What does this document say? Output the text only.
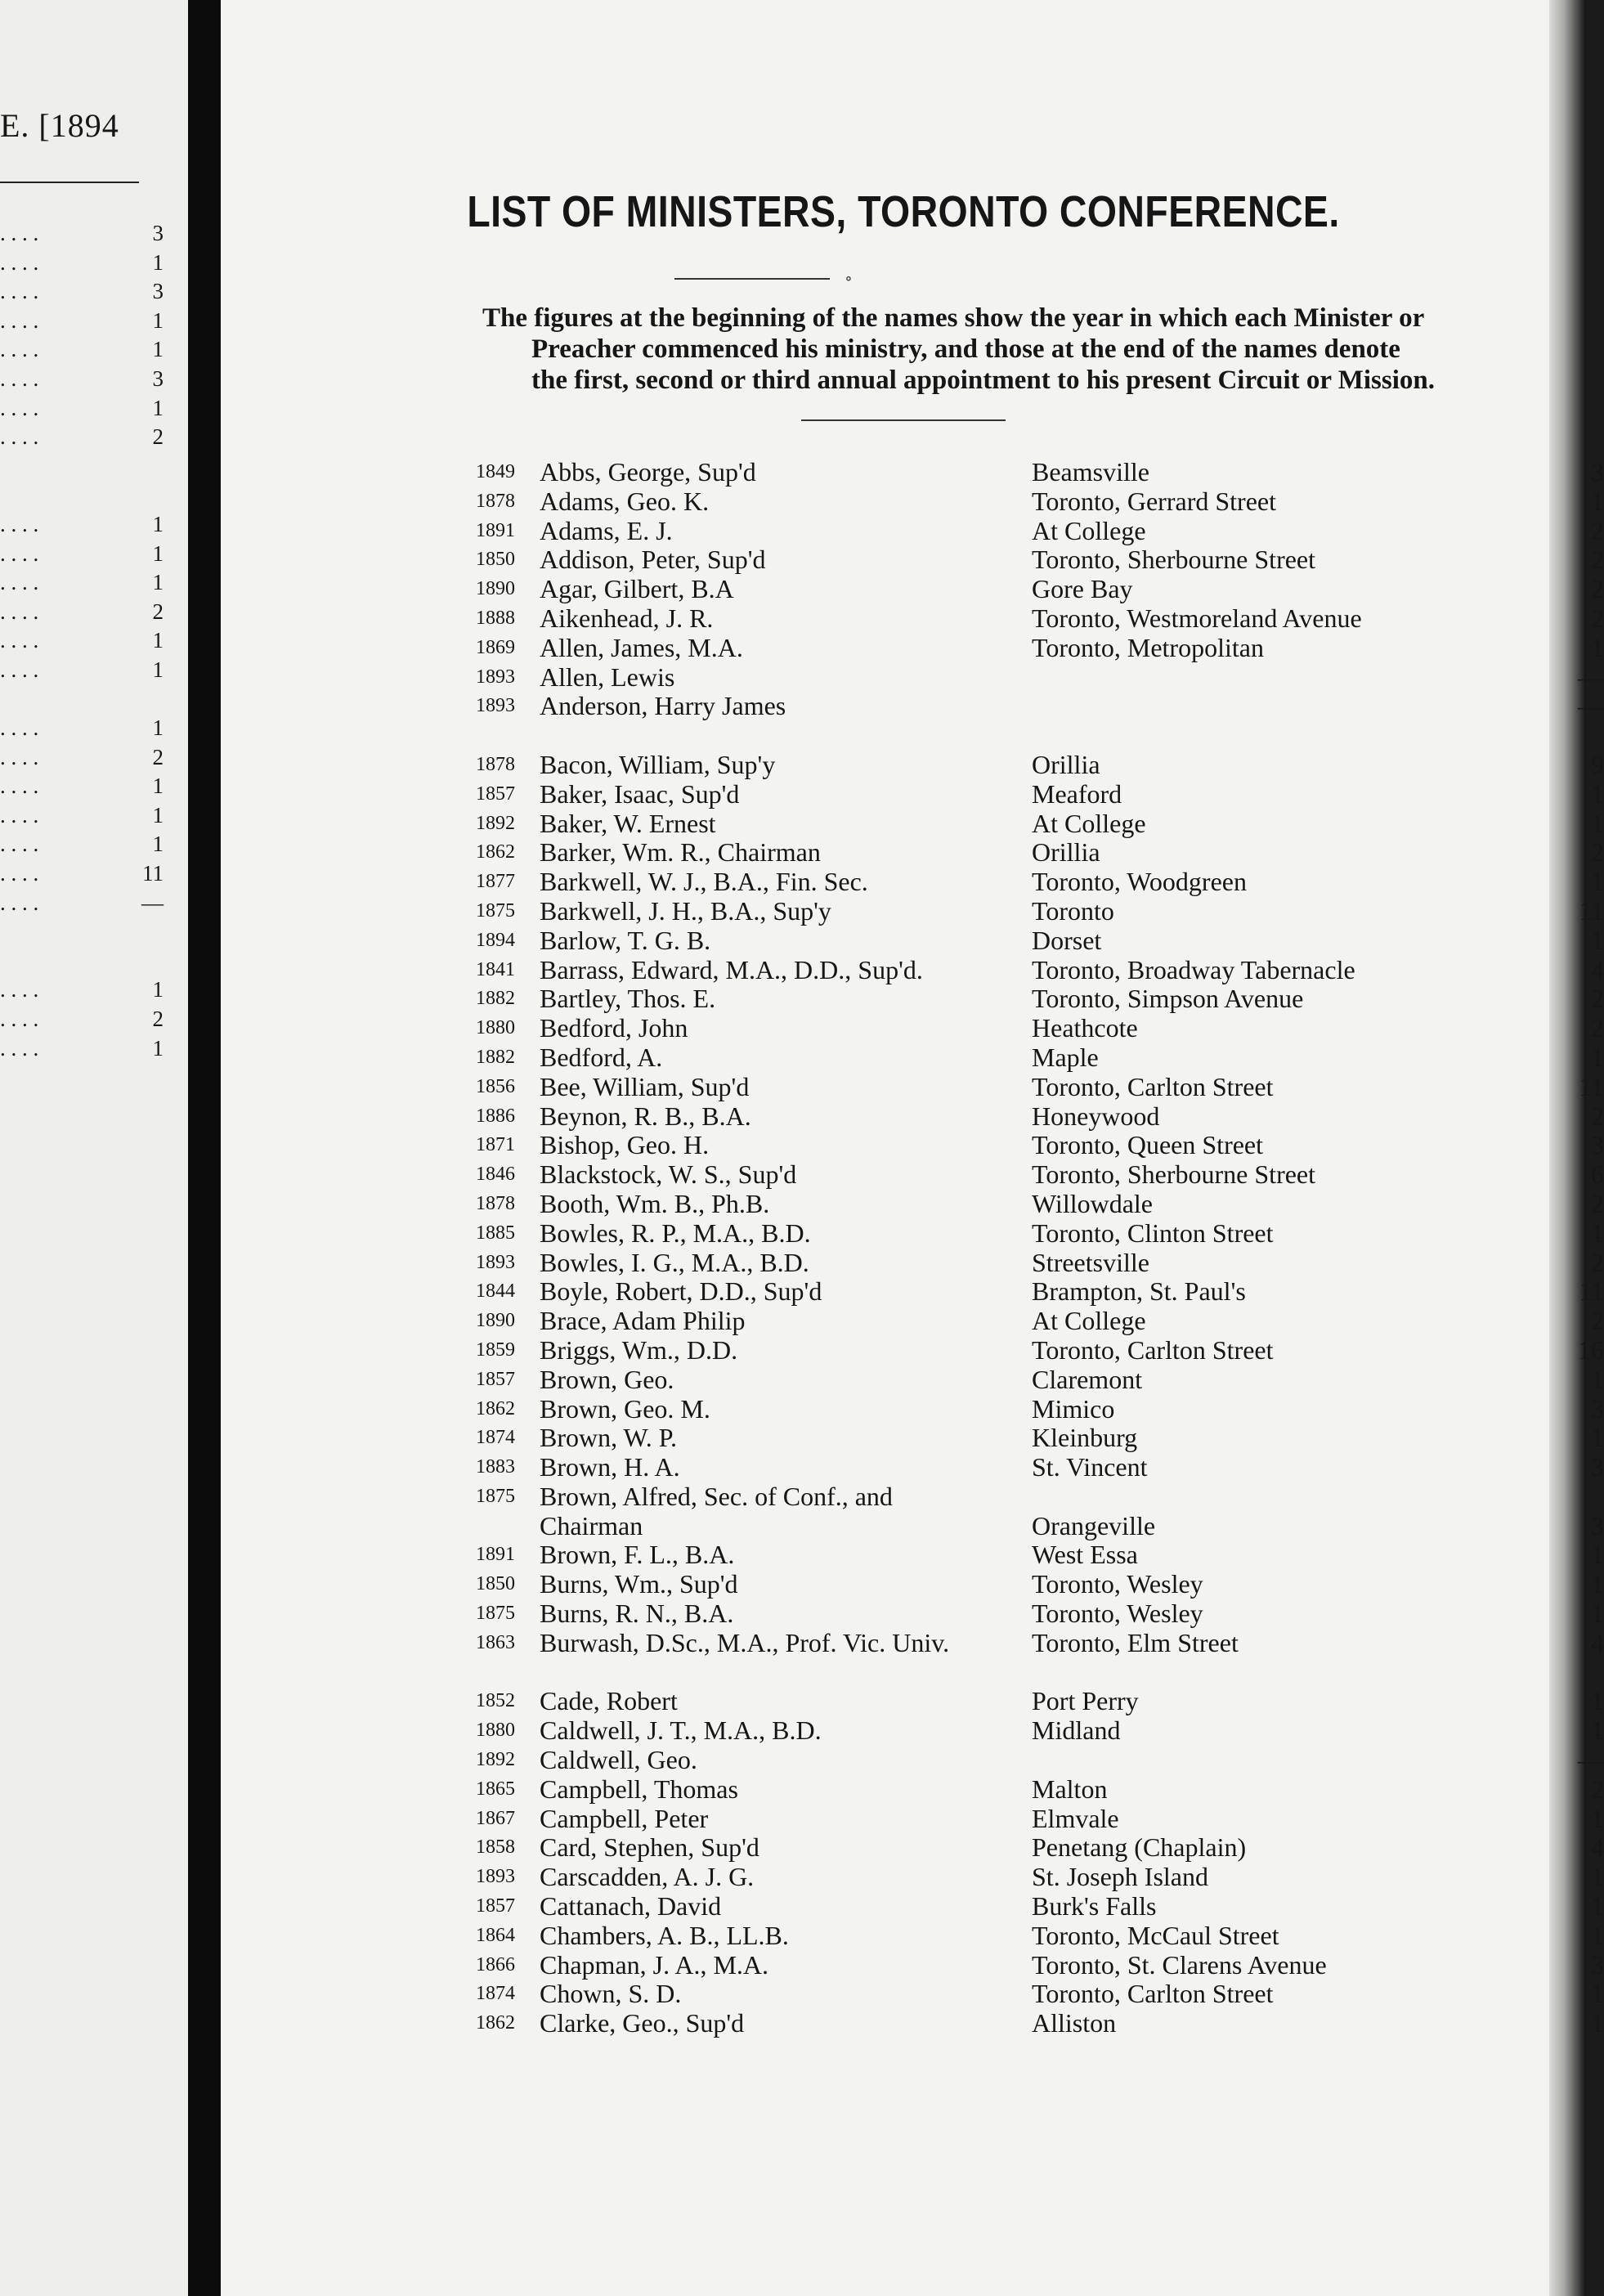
E. [1894
. . . .	3
. . . .	1
. . . .	3
. . . .	1
. . . .	1
. . . .	3
. . . .	1
. . . .	2
. . . .	1
. . . .	1
. . . .	1
. . . .	2
. . . .	1
. . . .	1
. . . .	1
. . . .	2
. . . .	1
. . . .	1
. . . .	1
. . . .	11
. . . .	—
. . . .	1
. . . .	2
. . . .	1
LIST OF MINISTERS, TORONTO CONFERENCE.
∘

The figures at the beginning of the names show the year in which each Minister or

Preacher commenced his ministry, and those at the end of the names denote

the first, second or third annual appointment to his present Circuit or Mission.

1849 Abbs, George, Sup'd	Beamsville	3
1878 Adams, Geo. K.	Toronto, Gerrard Street	1
1891 Adams, E. J.	At College	2
1850 Addison, Peter, Sup'd	Toronto, Sherbourne Street	2
1890 Agar, Gilbert, B.A	Gore Bay	2
1888 Aikenhead, J. R.	Toronto, Westmoreland Avenue	2
1869 Allen, James, M.A.	Toronto, Metropolitan	1
1893 Allen, Lewis	—
1893 Anderson, Harry James	—
1878 Bacon, William, Sup'y	Orillia	9
1857 Baker, Isaac, Sup'd	Meaford	1
1892 Baker, W. Ernest	At College	1
1862 Barker, Wm. R., Chairman	Orillia	2
1877 Barkwell, W. J., B.A., Fin. Sec.	Toronto, Woodgreen	1
1875 Barkwell, J. H., B.A., Sup'y	Toronto	11
1894 Barlow, T. G. B.	Dorset	1
1841 Barrass, Edward, M.A., D.D., Sup'd.	Toronto, Broadway Tabernacle	4
1882 Bartley, Thos. E.	Toronto, Simpson Avenue	2
1880 Bedford, John	Heathcote	2
1882 Bedford, A.	Maple	1
1856 Bee, William, Sup'd	Toronto, Carlton Street	11
1886 Beynon, R. B., B.A.	Honeywood	2
1871 Bishop, Geo. H.	Toronto, Queen Street	3
1846 Blackstock, W. S., Sup'd	Toronto, Sherbourne Street	6
1878 Booth, Wm. B., Ph.B.	Willowdale	2
1885 Bowles, R. P., M.A., B.D.	Toronto, Clinton Street	1
1893 Bowles, I. G., M.A., B.D.	Streetsville	2
1844 Boyle, Robert, D.D., Sup'd	Brampton, St. Paul's	11
1890 Brace, Adam Philip	At College	2
1859 Briggs, Wm., D.D.	Toronto, Carlton Street	16
1857 Brown, Geo.	Claremont	1
1862 Brown, Geo. M.	Mimico	3
1874 Brown, W. P.	Kleinburg	1
1883 Brown, H. A.	St. Vincent	3
1875 Brown, Alfred, Sec. of Conf., and
Chairman	Orangeville	3
1891 Brown, F. L., B.A.	West Essa	1
1850 Burns, Wm., Sup'd	Toronto, Wesley	1
1875 Burns, R. N., B.A.	Toronto, Wesley	1
1863 Burwash, D.Sc., M.A., Prof. Vic. Univ.	Toronto, Elm Street	4
1852 Cade, Robert	Port Perry	1
1880 Caldwell, J. T., M.A., B.D.	Midland	1
1892 Caldwell, Geo.	—
1865 Campbell, Thomas	Malton	2
1867 Campbell, Peter	Elmvale	1
1858 Card, Stephen, Sup'd	Penetang (Chaplain)	4
1893 Carscadden, A. J. G.	St. Joseph Island	1
1857 Cattanach, David	Burk's Falls	1
1864 Chambers, A. B., LL.B.	Toronto, McCaul Street	1
1866 Chapman, J. A., M.A.	Toronto, St. Clarens Avenue	3
1874 Chown, S. D.	Toronto, Carlton Street	1
1862 Clarke, Geo., Sup'd	Alliston	1
